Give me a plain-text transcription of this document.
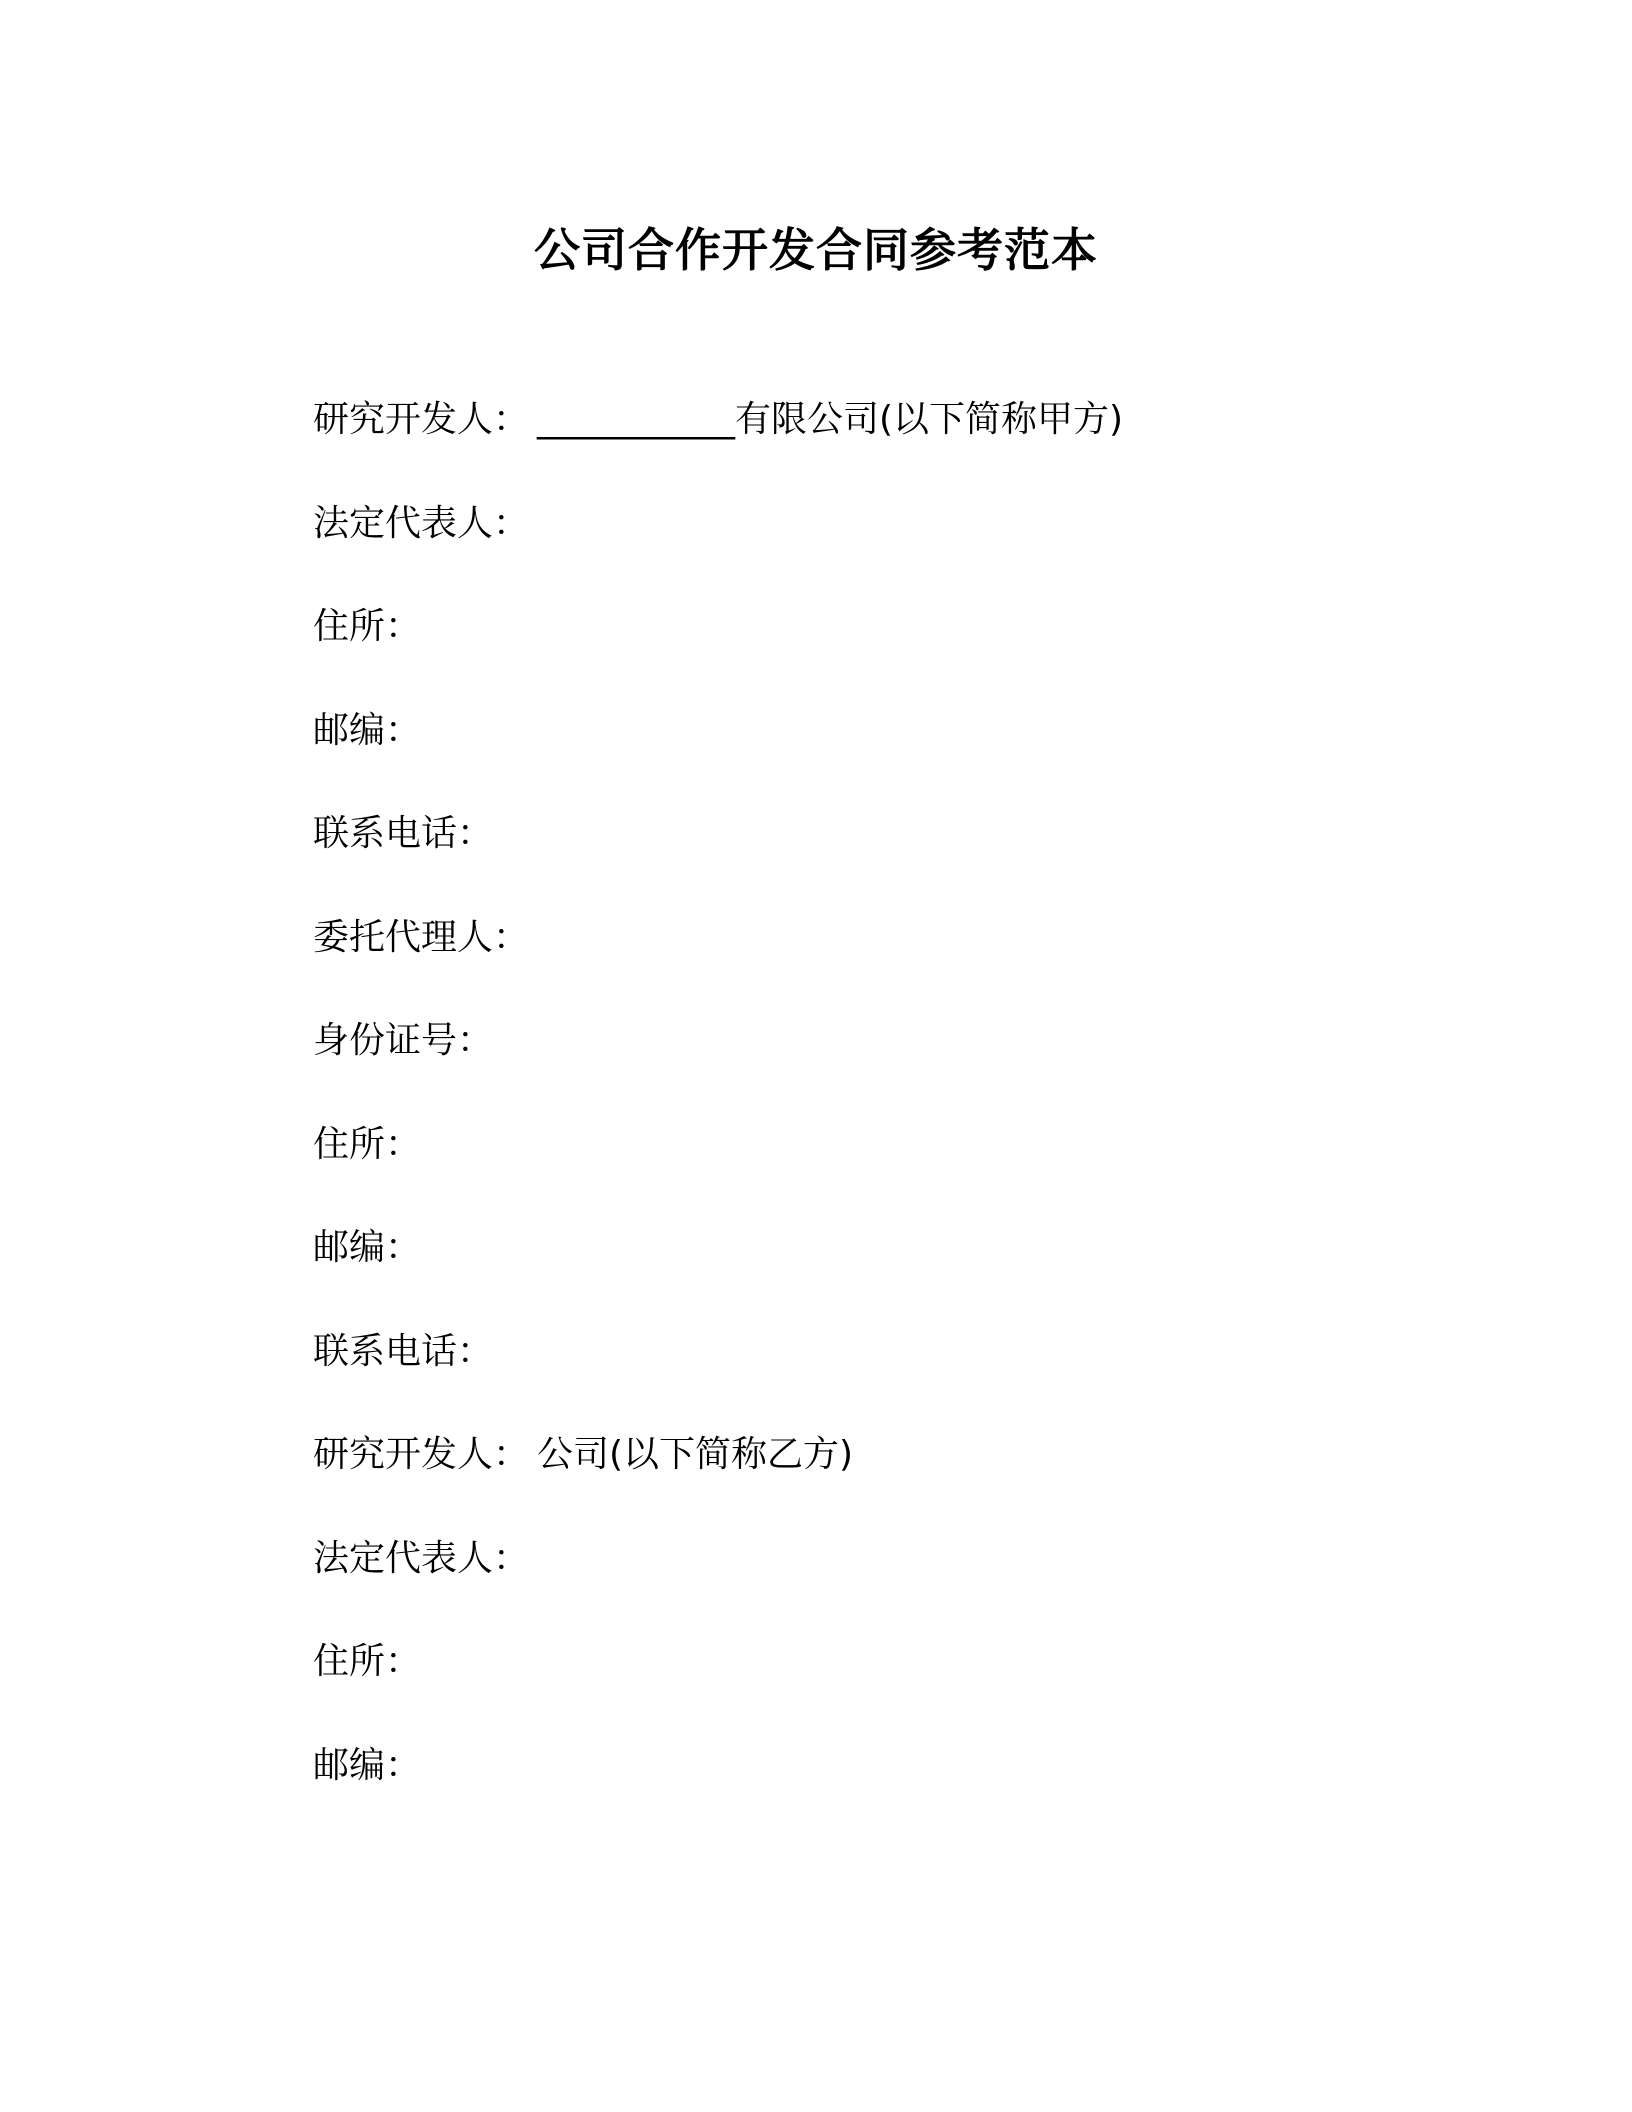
公司合作开发合同参考范本
研究开发人： ___________有限公司(以下简称甲方)
法定代表人：
住所：
邮编：
联系电话：
委托代理人：
身份证号：
住所：
邮编：
联系电话：
研究开发人： 公司(以下简称乙方)
法定代表人：
住所：
邮编：
